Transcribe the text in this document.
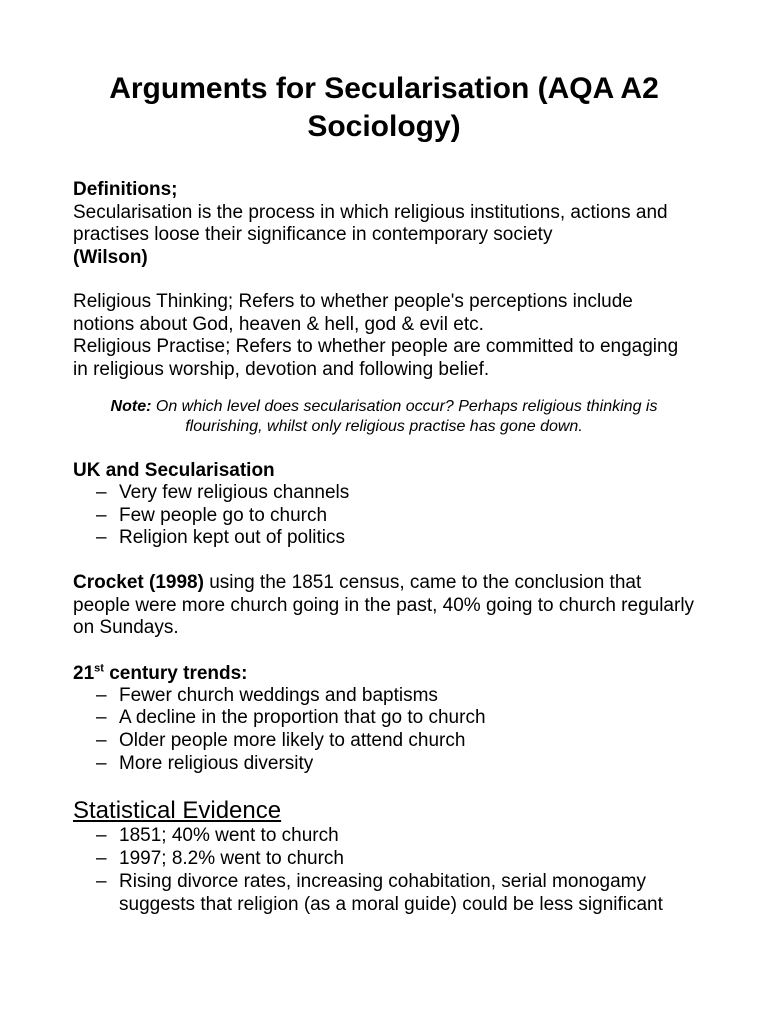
Arguments for Secularisation (AQA A2 Sociology)

Definitions;

Secularisation is the process in which religious institutions, actions and practises loose their significance in contemporary society

(Wilson)

Religious Thinking; Refers to whether people's perceptions include notions about God, heaven & hell, god & evil etc.

Religious Practise; Refers to whether people are committed to engaging in religious worship, devotion and following belief.

Note: On which level does secularisation occur? Perhaps religious thinking is flourishing, whilst only religious practise has gone down.

UK and Secularisation

– Very few religious channels
– Few people go to church
– Religion kept out of politics

Crocket (1998) using the 1851 census, came to the conclusion that people were more church going in the past, 40% going to church regularly on Sundays.

21st century trends:

– Fewer church weddings and baptisms
– A decline in the proportion that go to church
– Older people more likely to attend church
– More religious diversity

Statistical Evidence

– 1851; 40% went to church
– 1997; 8.2% went to church
– Rising divorce rates, increasing cohabitation, serial monogamy suggests that religion (as a moral guide) could be less significant
